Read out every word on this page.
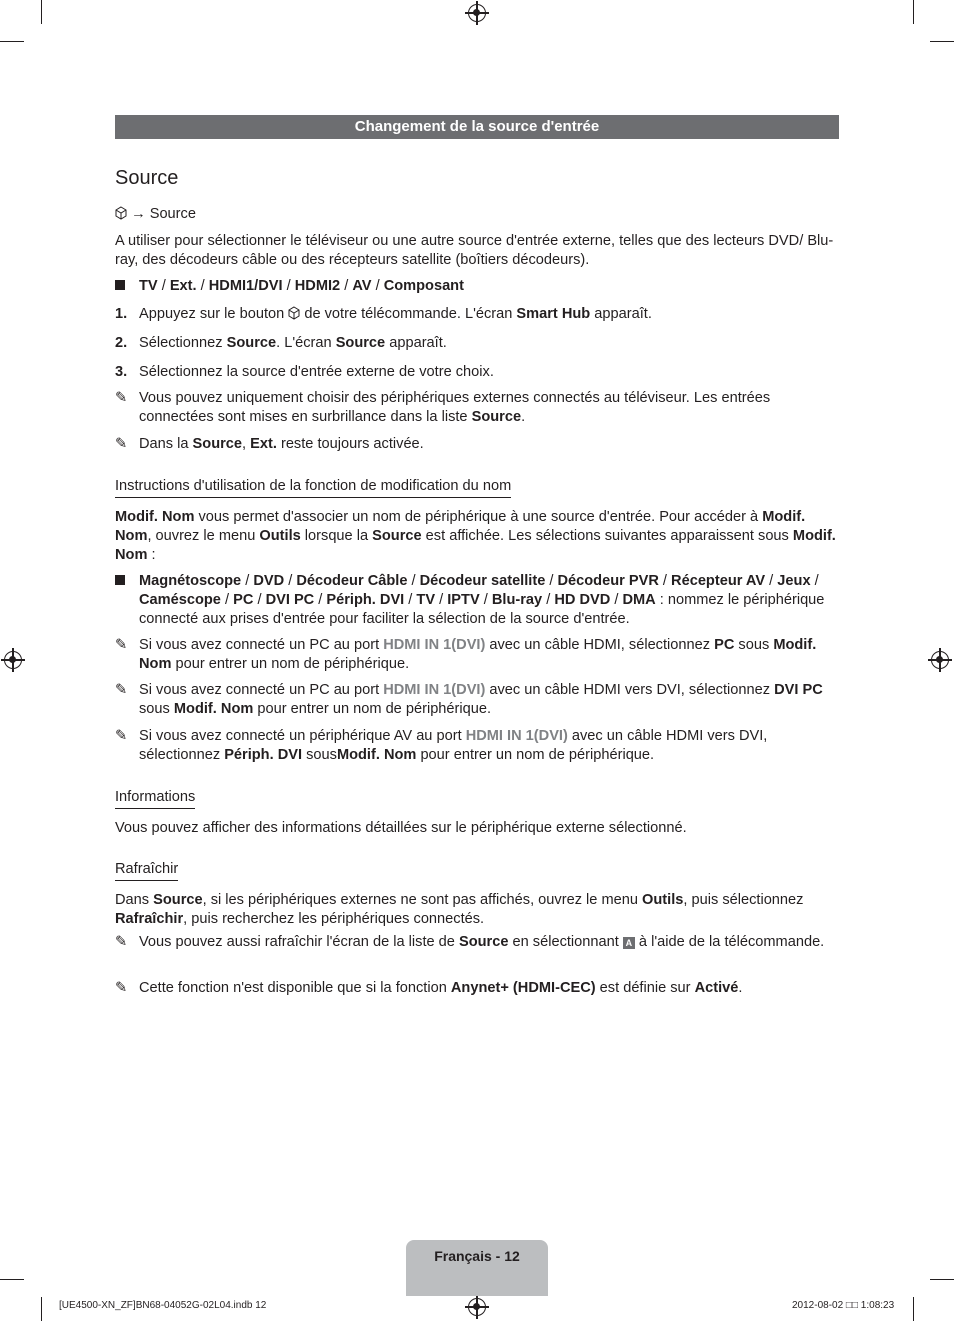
Changement de la source d'entrée
Source
→ Source
A utiliser pour sélectionner le téléviseur ou une autre source d'entrée externe, telles que des lecteurs DVD/ Blu-ray, des décodeurs câble ou des récepteurs satellite (boîtiers décodeurs).
TV / Ext. / HDMI1/DVI / HDMI2 / AV / Composant
1. Appuyez sur le bouton  de votre télécommande. L'écran Smart Hub apparaît.
2. Sélectionnez Source. L'écran Source apparaît.
3. Sélectionnez la source d'entrée externe de votre choix.
✎ Vous pouvez uniquement choisir des périphériques externes connectés au téléviseur. Les entrées connectées sont mises en surbrillance dans la liste Source.
✎ Dans la Source, Ext. reste toujours activée.
Instructions d'utilisation de la fonction de modification du nom
Modif. Nom vous permet d'associer un nom de périphérique à une source d'entrée. Pour accéder à Modif. Nom, ouvrez le menu Outils lorsque la Source est affichée. Les sélections suivantes apparaissent sous Modif. Nom :
Magnétoscope / DVD / Décodeur Câble / Décodeur satellite / Décodeur PVR / Récepteur AV / Jeux / Caméscope / PC / DVI PC / Périph. DVI / TV / IPTV / Blu-ray / HD DVD / DMA : nommez le périphérique connecté aux prises d'entrée pour faciliter la sélection de la source d'entrée.
✎ Si vous avez connecté un PC au port HDMI IN 1(DVI) avec un câble HDMI, sélectionnez PC sous Modif. Nom pour entrer un nom de périphérique.
✎ Si vous avez connecté un PC au port HDMI IN 1(DVI) avec un câble HDMI vers DVI, sélectionnez DVI PC sous Modif. Nom pour entrer un nom de périphérique.
✎ Si vous avez connecté un périphérique AV au port HDMI IN 1(DVI) avec un câble HDMI vers DVI, sélectionnez Périph. DVI sousModif. Nom pour entrer un nom de périphérique.
Informations
Vous pouvez afficher des informations détaillées sur le périphérique externe sélectionné.
Rafraîchir
Dans Source, si les périphériques externes ne sont pas affichés, ouvrez le menu Outils, puis sélectionnez Rafraîchir, puis recherchez les périphériques connectés.
✎ Vous pouvez aussi rafraîchir l'écran de la liste de Source en sélectionnant A à l'aide de la télécommande.
✎ Cette fonction n'est disponible que si la fonction Anynet+ (HDMI-CEC) est définie sur Activé.
Français - 12
[UE4500-XN_ZF]BN68-04052G-02L04.indb 12	2012-08-02 □□ 1:08:23
